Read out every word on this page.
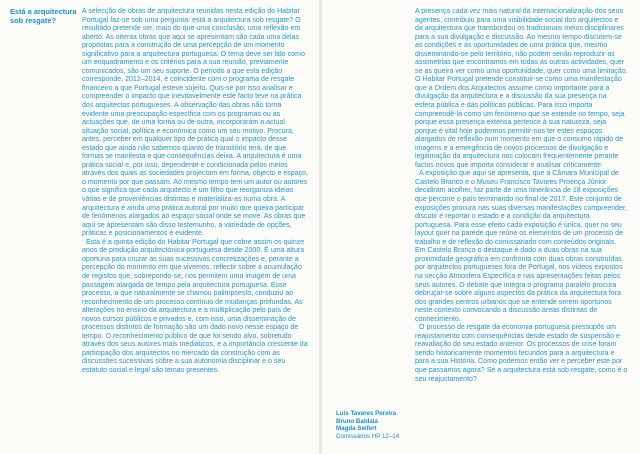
Está a arquitectura sob resgate?

A selecção de obras de arquitectura reunidas nesta edição do Habitar Portugal faz-se sob uma pergunta: está a arquitectura sob resgate? O resultado pretende ser, mais do que uma conclusão, uma reflexão em aberto. As oitenta obras que aqui se apresentam são cada uma delas propostas para a construção de uma percepção de um momento significativo para a arquitectura portuguesa. O tema deve ser lido como um enquadramento e os critérios para a sua reunião, previamente comunicados, são um seu suporte. O período a que esta edição corresponde, 2012–2014, é coincidente com o programa de resgate financeiro a que Portugal esteve sujeito. Quis-se por isso analisar e compreender o impacto que inevitavelmente este facto teve na prática dos arquitectos portugueses. A observação das obras não torna evidente uma preocupação específica com os programas ou as actuações que, de uma forma ou de outra, incorporaram a actual situação social, política e económica como um seu motivo. Procura, antes, perceber em qualquer tipo de prática qual o impacto desse estado que ainda não sabemos quanto de transitório terá, de que formas se manifesta e que consequências deixa. A arquitectura é uma prática social e, por isso, dependente e condicionada pelos meios através dos quais as sociedades projectam em forma, objecto e espaço, o momento por que passam. Ao mesmo tempo tem um autor ou autores o que significa que cada arquitecto é um filtro que reorganiza ideias várias e de proveniências distintas e materializa-as numa obra. A arquitectura é ainda uma prática autoral por muito que queira participar de fenómenos alargados ao espaço social onde se move. As obras que aqui se apresentam são disso testemunho, a variedade de opções, práticas e posicionamentos é evidente.

Esta é a quinta edição do Habitar Portugal que cobre assim os quinze anos de produção arquitectónica portuguesa desde 2000. É uma altura oportuna para cruzar as suas sucessivas concretizações e, perante a percepção do momento em que vivemos, reflectir sobre a acumulação de registos que, sobrepondo-se, nos permitem uma imagem de uma passagem alargada de tempo pela arquitectura portuguesa. Esse processo, a que naturalmente se chamou palimpsesto, conduziu ao reconhecimento de um processo contínuo de mudanças profundas. As alterações no ensino da arquitectura e a multiplicação pelo país de novos cursos públicos e privados e, com isso, uma disseminação de processos distintos de formação são um dado novo nesse espaço de tempo. O reconhecimento público de que foi sendo alvo, sobretudo através dos seus autores mais mediáticos, e a importância crescente da participação dos arquitectos no mercado da construção com as discussões sucessivas sobre a sua autonomia disciplinar e o seu estatuto social e legal são temas presentes.

Luís Tavares Pereira
Bruno Baldaia
Magda Seifert
Comissários HP 12–14

A presença cada vez mais natural da internacionalização dos seus agentes, contribuiu para uma visibilidade social dos arquitectos e da arquitectura que transbordou os tradicionais meios disciplinares para a sua divulgação e discussão. Ao mesmo tempo discutem-se as condições e as oportunidades de uma prática que, mesmo disseminando-se pelo território, não podem senão reproduzir as assimetrias que encontramos em todas as outras actividades, quer se as queira ver como uma oportunidade, quer como uma limitação. O Habitar Portugal pretende constituir-se como uma manifestação que a Ordem dos Arquitectos assume como importante para a divulgação da arquitectura e a discussão da sua presença na esfera pública e das políticas públicas. Para isso importa compreendê-la como um fenómeno que se estende no tempo, seja porque essa presença extensa pertence à sua natureza, seja porque é vital hoje podermos permitir-nos ter estes espaços alargados de reflexão num momento em que o consumo rápido de imagens e a emergência de novos processos de divulgação e legitimação da arquitectura nos colocam frequentemente perante factos novos que importa considerar e analisar criticamente.

A exposição que aqui se apresenta, que a Câmara Municipal de Castelo Branco e o Museu Francisco Tavares Proença Júnior decidiram acolher, faz parte de uma itinerância de 18 exposições que percorre o país terminando no final de 2017. Este conjunto de exposições procura nas suas diversas manifestações compreender, discutir e reportar o estado e a condição da arquitectura portuguesa. Para esse efeito cada exposição é única, quer no seu layout quer na parede que reúne os elementos de um processo de trabalho e de reflexão do comissariado com conteúdos originais. Em Castelo Branco o destaque é dado a duas obras na sua proximidade geográfica em confronto com duas obras construídas por arquitectos portugueses fora de Portugal, nos vídeos expostos na secção Atmosfera Específica e nas apresentações feitas pelos seus autores. O debate que integra o programa paralelo procura debruçar-se sobre alguns aspectos da prática da arquitectura fora dos grandes centros urbanos que se entende serem oportunos neste contexto convocando a discussão áreas distintas de conhecimento.

O processo de resgate da economia portuguesa pressupôs um reajustamento com consequências desde estado de suspensão e reavaliação do seu estado anterior. Os processos de crise foram sendo historicamente momentos fecundos para a arquitectura e para a sua História. Como podemos então ver e perceber este por que passamos agora? Se a arquitectura está sob resgate, como é o seu reajustamento?
